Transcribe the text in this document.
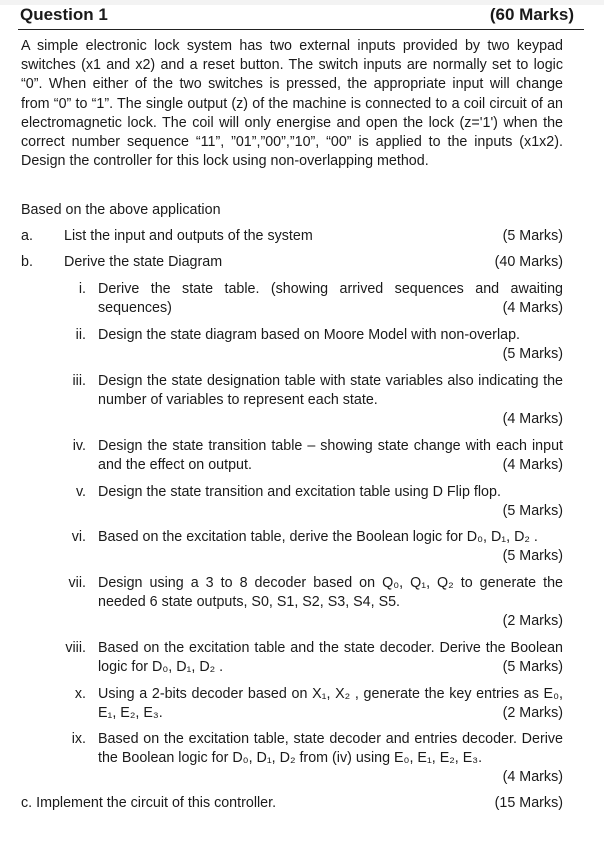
Question 1	(60 Marks)

A simple electronic lock system has two external inputs provided by two keypad switches (x1 and x2) and a reset button. The switch inputs are normally set to logic “0”. When either of the two switches is pressed, the appropriate input will change from “0” to “1”. The single output (z) of the machine is connected to a coil circuit of an electromagnetic lock. The coil will only energise and open the lock (z='1') when the correct number sequence “11”, ”01”,”00”,”10”, “00” is applied to the inputs (x1x2). Design the controller for this lock using non-overlapping method.

Based on the above application

a. List the input and outputs of the system	(5 Marks)
b. Derive the state Diagram	(40 Marks)
i. Derive the state table. (showing arrived sequences and awaiting sequences)	(4 Marks)
ii. Design the state diagram based on Moore Model with non-overlap.
(5 Marks)
iii. Design the state designation table with state variables also indicating the number of variables to represent each state.
(4 Marks)
iv. Design the state transition table – showing state change with each input and the effect on output.	(4 Marks)
v. Design the state transition and excitation table using D Flip flop.
(5 Marks)
vi. Based on the excitation table, derive the Boolean logic for D₀, D₁, D₂ .
(5 Marks)
vii. Design using a 3 to 8 decoder based on Q₀, Q₁, Q₂ to generate the needed 6 state outputs, S0, S1, S2, S3, S4, S5.
(2 Marks)
viii. Based on the excitation table and the state decoder. Derive the Boolean logic for D₀, D₁, D₂ .	(5 Marks)
x. Using a 2-bits decoder based on X₁, X₂ , generate the key entries as E₀, E₁, E₂, E₃.	(2 Marks)
ix. Based on the excitation table, state decoder and entries decoder. Derive the Boolean logic for D₀, D₁, D₂ from (iv) using E₀, E₁, E₂, E₃.
(4 Marks)
c. Implement the circuit of this controller.	(15 Marks)
